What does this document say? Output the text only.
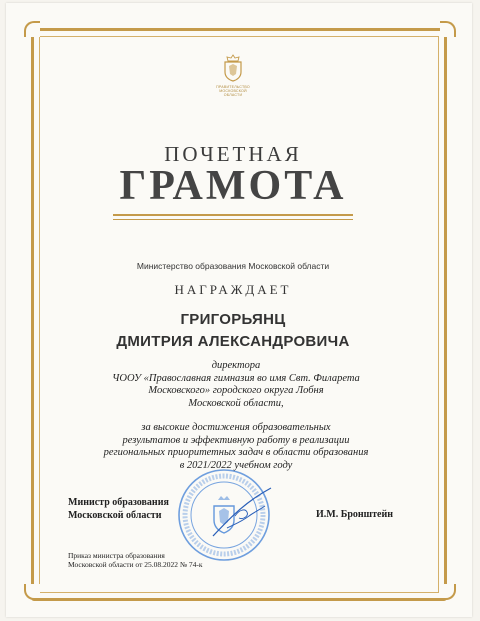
ПРАВИТЕЛЬСТВО
МОСКОВСКОЙ
ОБЛАСТИ
ПОЧЕТНАЯ
ГРАМОТА
Министерство образования Московской области
НАГРАЖДАЕТ
ГРИГОРЬЯНЦ
ДМИТРИЯ АЛЕКСАНДРОВИЧА
директора
ЧООУ «Православная гимназия во имя Свт. Филарета
Московского» городского округа Лобня
Московской области,
за высокие достижения образовательных
результатов и эффективную работу в реализации
региональных приоритетных задач в области образования
в 2021/2022 учебном году
Министр образования
Московской области	И.М. Бронштейн
Приказ министра образования
Московской области от 25.08.2022 № 74-к
